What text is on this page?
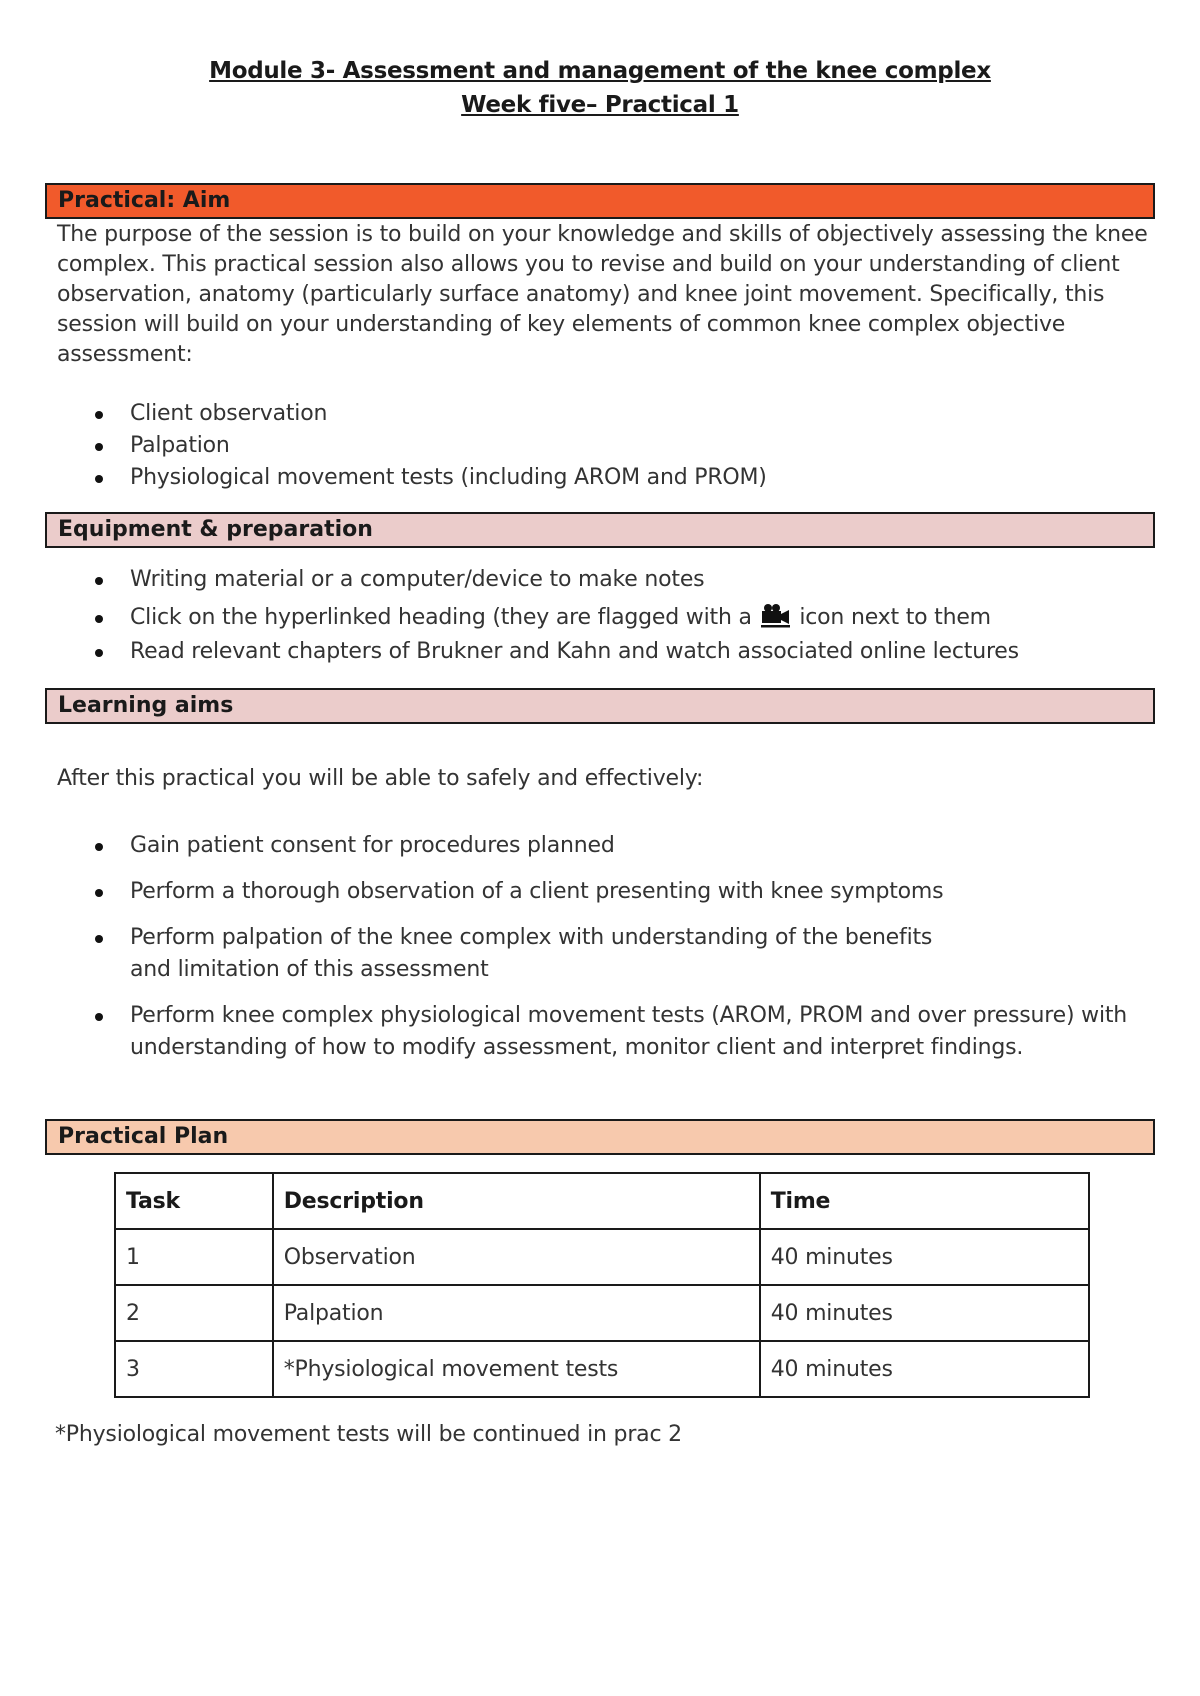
Module 3- Assessment and management of the knee complex
Week five– Practical 1
Practical: Aim
The purpose of the session is to build on your knowledge and skills of objectively assessing the knee complex. This practical session also allows you to revise and build on your understanding of client observation, anatomy (particularly surface anatomy) and knee joint movement. Specifically, this session will build on your understanding of key elements of common knee complex objective assessment:
Client observation
Palpation
Physiological movement tests (including AROM and PROM)
Equipment & preparation
Writing material or a computer/device to make notes
Click on the hyperlinked heading (they are flagged with a icon next to them
Read relevant chapters of Brukner and Kahn and watch associated online lectures
Learning aims
After this practical you will be able to safely and effectively:
Gain patient consent for procedures planned
Perform a thorough observation of a client presenting with knee symptoms
Perform palpation of the knee complex with understanding of the benefits and limitation of this assessment
Perform knee complex physiological movement tests (AROM, PROM and over pressure) with understanding of how to modify assessment, monitor client and interpret findings.
Practical Plan
Task	Description	Time
1	Observation	40 minutes
2	Palpation	40 minutes
3	*Physiological movement tests	40 minutes
*Physiological movement tests will be continued in prac 2
